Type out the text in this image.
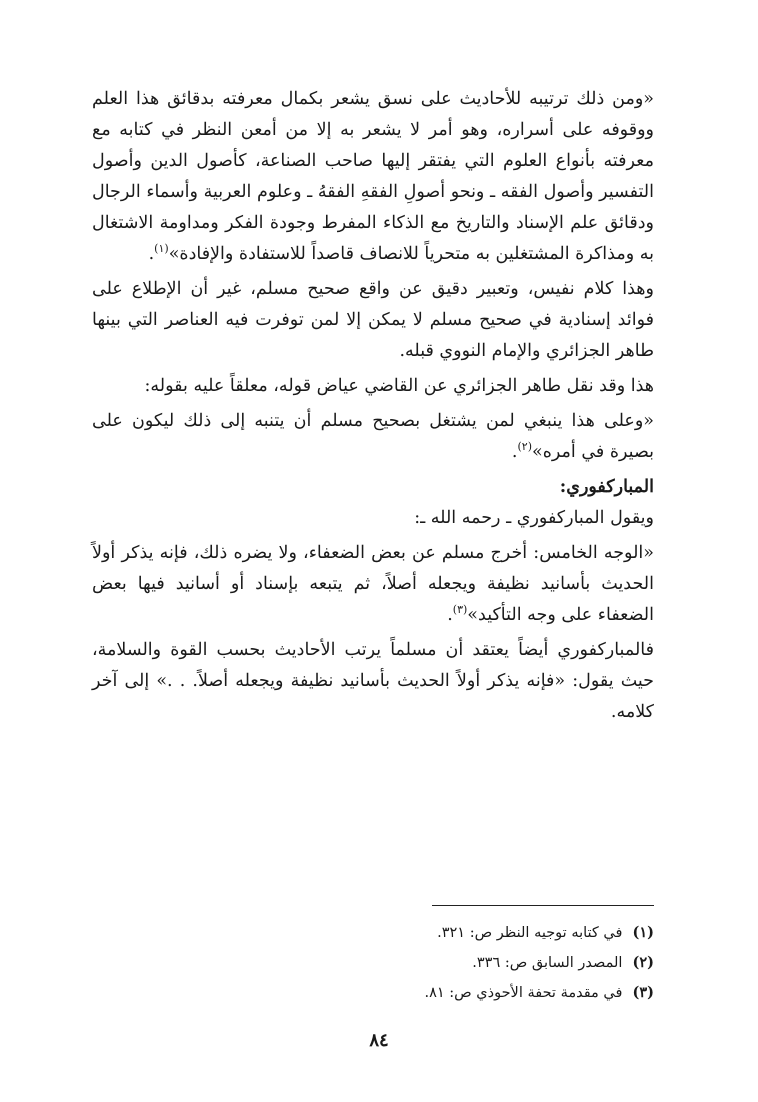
«ومن ذلك ترتيبه للأحاديث على نسق يشعر بكمال معرفته بدقائق هذا العلم ووقوفه على أسراره، وهو أمر لا يشعر به إلا من أمعن النظر في كتابه مع معرفته بأنواع العلوم التي يفتقر إليها صاحب الصناعة، كأصول الدين وأصول التفسير وأصول الفقه ـ ونحو أصولِ الفقهِ الفقهُ ـ وعلوم العربية وأسماء الرجال ودقائق علم الإسناد والتاريخ مع الذكاء المفرط وجودة الفكر ومداومة الاشتغال به ومذاكرة المشتغلين به متحرياً للانصاف قاصداً للاستفادة والإفادة»$^{(١)}$.

وهذا كلام نفيس، وتعبير دقيق عن واقع صحيح مسلم، غير أن الإطلاع على فوائد إسنادية في صحيح مسلم لا يمكن إلا لمن توفرت فيه العناصر التي بينها طاهر الجزائري والإمام النووي قبله.

هذا وقد نقل طاهر الجزائري عن القاضي عياض قوله، معلقاً عليه بقوله:

«وعلى هذا ينبغي لمن يشتغل بصحيح مسلم أن يتنبه إلى ذلك ليكون على بصيرة في أمره»$^{(٢)}$.

المباركفوري:

ويقول المباركفوري ـ رحمه الله ـ:

«الوجه الخامس: أخرج مسلم عن بعض الضعفاء، ولا يضره ذلك، فإنه يذكر أولاً الحديث بأسانيد نظيفة ويجعله أصلاً، ثم يتبعه بإسناد أو أسانيد فيها بعض الضعفاء على وجه التأكيد»$^{(٣)}$.

فالمباركفوري أيضاً يعتقد أن مسلماً يرتب الأحاديث بحسب القوة والسلامة، حيث يقول: «فإنه يذكر أولاً الحديث بأسانيد نظيفة ويجعله أصلاً. . .» إلى آخر كلامه.

(١)في كتابه توجيه النظر ص: ٣٢١.

(٢)المصدر السابق ص: ٣٣٦.

(٣)في مقدمة تحفة الأحوذي ص: ٨١.

٨٤
